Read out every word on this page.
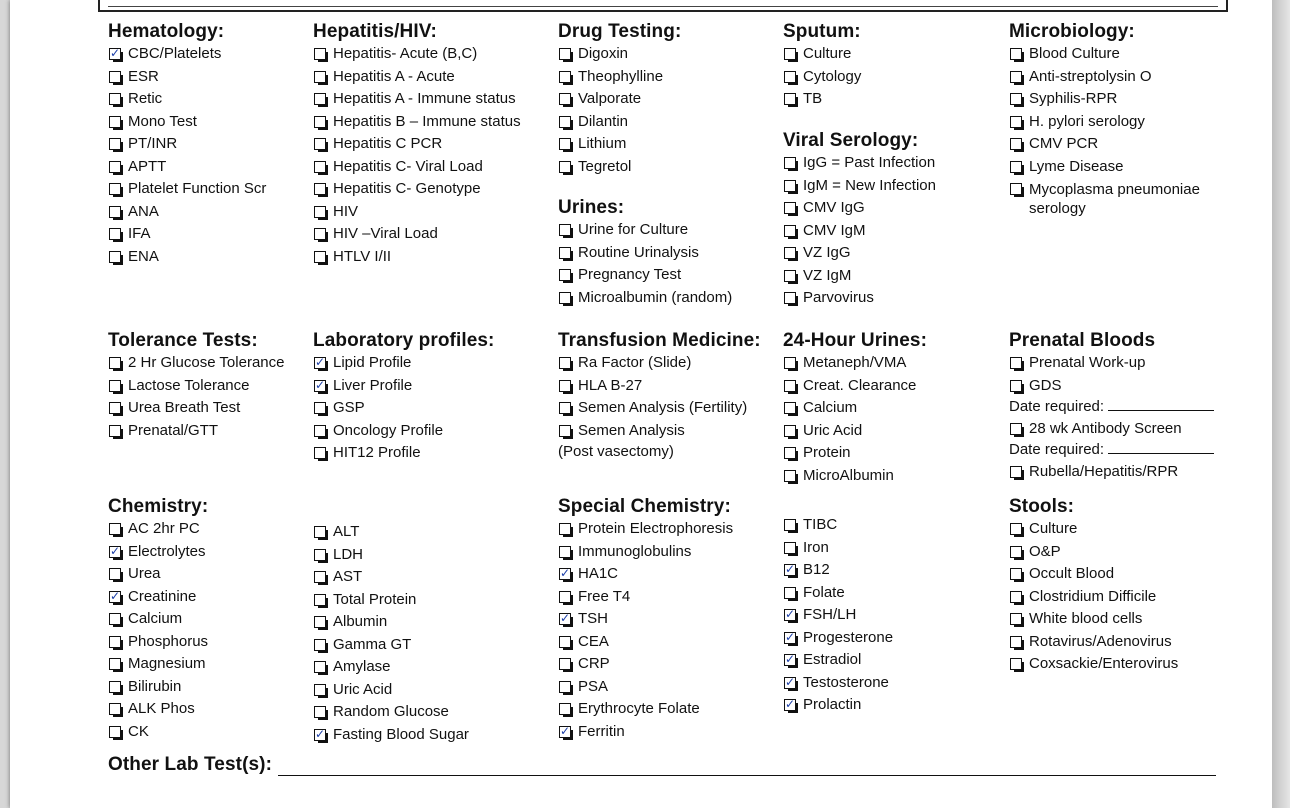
Hematology:
✓
CBC/Platelets
ESR
Retic
Mono Test
PT/INR
APTT
Platelet Function Scr
ANA
IFA
ENA
Hepatitis/HIV:
Hepatitis- Acute (B,C)
Hepatitis A - Acute
Hepatitis A - Immune status
Hepatitis B – Immune status
Hepatitis C PCR
Hepatitis C- Viral Load
Hepatitis C- Genotype
HIV
HIV –Viral Load
HTLV I/II
Drug Testing:
Digoxin
Theophylline
Valporate
Dilantin
Lithium
Tegretol
Urines:
Urine for Culture
Routine Urinalysis
Pregnancy Test
Microalbumin (random)
Sputum:
Culture
Cytology
TB
Viral Serology:
IgG = Past Infection
IgM = New Infection
CMV IgG
CMV IgM
VZ IgG
VZ IgM
Parvovirus
Microbiology:
Blood Culture
Anti-streptolysin O
Syphilis-RPR
H. pylori serology
CMV PCR
Lyme Disease
Mycoplasma pneumoniae serology
Tolerance Tests:
2 Hr Glucose Tolerance
Lactose Tolerance
Urea Breath Test
Prenatal/GTT
Laboratory profiles:
✓
Lipid Profile
✓
Liver Profile
GSP
Oncology Profile
HIT12 Profile
Transfusion Medicine:
Ra Factor (Slide)
HLA B-27
Semen Analysis (Fertility)
Semen Analysis
(Post vasectomy)
24-Hour Urines:
Metaneph/VMA
Creat. Clearance
Calcium
Uric Acid
Protein
MicroAlbumin
Prenatal Bloods
Prenatal Work-up
GDS
Date required:
28 wk Antibody Screen
Date required:
Rubella/Hepatitis/RPR
Chemistry:
AC 2hr PC
✓
Electrolytes
Urea
✓
Creatinine
Calcium
Phosphorus
Magnesium
Bilirubin
ALK Phos
CK
ALT
LDH
AST
Total Protein
Albumin
Gamma GT
Amylase
Uric Acid
Random Glucose
✓
Fasting Blood Sugar
Special Chemistry:
Protein Electrophoresis
Immunoglobulins
✓
HA1C
Free T4
✓
TSH
CEA
CRP
PSA
Erythrocyte Folate
✓
Ferritin
TIBC
Iron
✓
B12
Folate
✓
FSH/LH
✓
Progesterone
✓
Estradiol
✓
Testosterone
✓
Prolactin
Stools:
Culture
O&P
Occult Blood
Clostridium Difficile
White blood cells
Rotavirus/Adenovirus
Coxsackie/Enterovirus
Other Lab Test(s):
